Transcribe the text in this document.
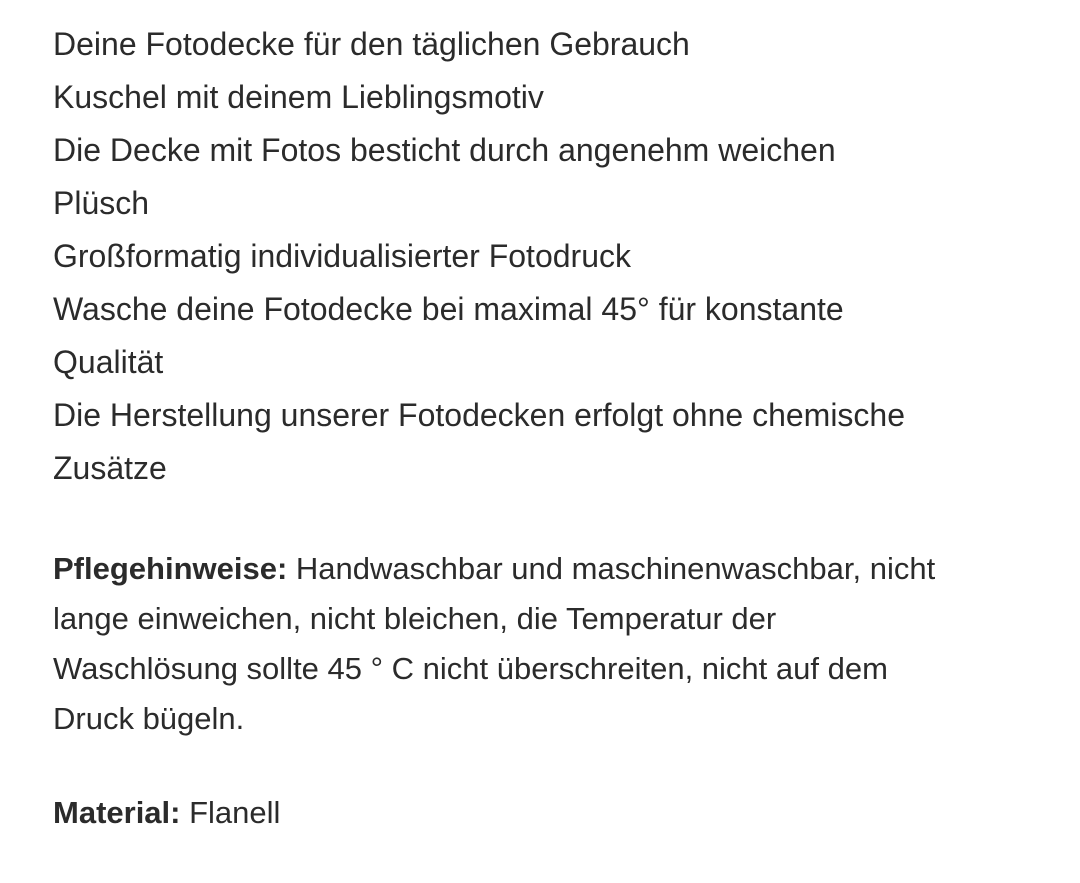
Deine Fotodecke für den täglichen Gebrauch
Kuschel mit deinem Lieblingsmotiv
Die Decke mit Fotos besticht durch angenehm weichen
Plüsch
Großformatig individualisierter Fotodruck
Wasche deine Fotodecke bei maximal 45° für konstante
Qualität
Die Herstellung unserer Fotodecken erfolgt ohne chemische
Zusätze

Pflegehinweise: Handwaschbar und maschinenwaschbar, nicht
lange einweichen, nicht bleichen, die Temperatur der
Waschlösung sollte 45 ° C nicht überschreiten, nicht auf dem
Druck bügeln.

Material: Flanell
